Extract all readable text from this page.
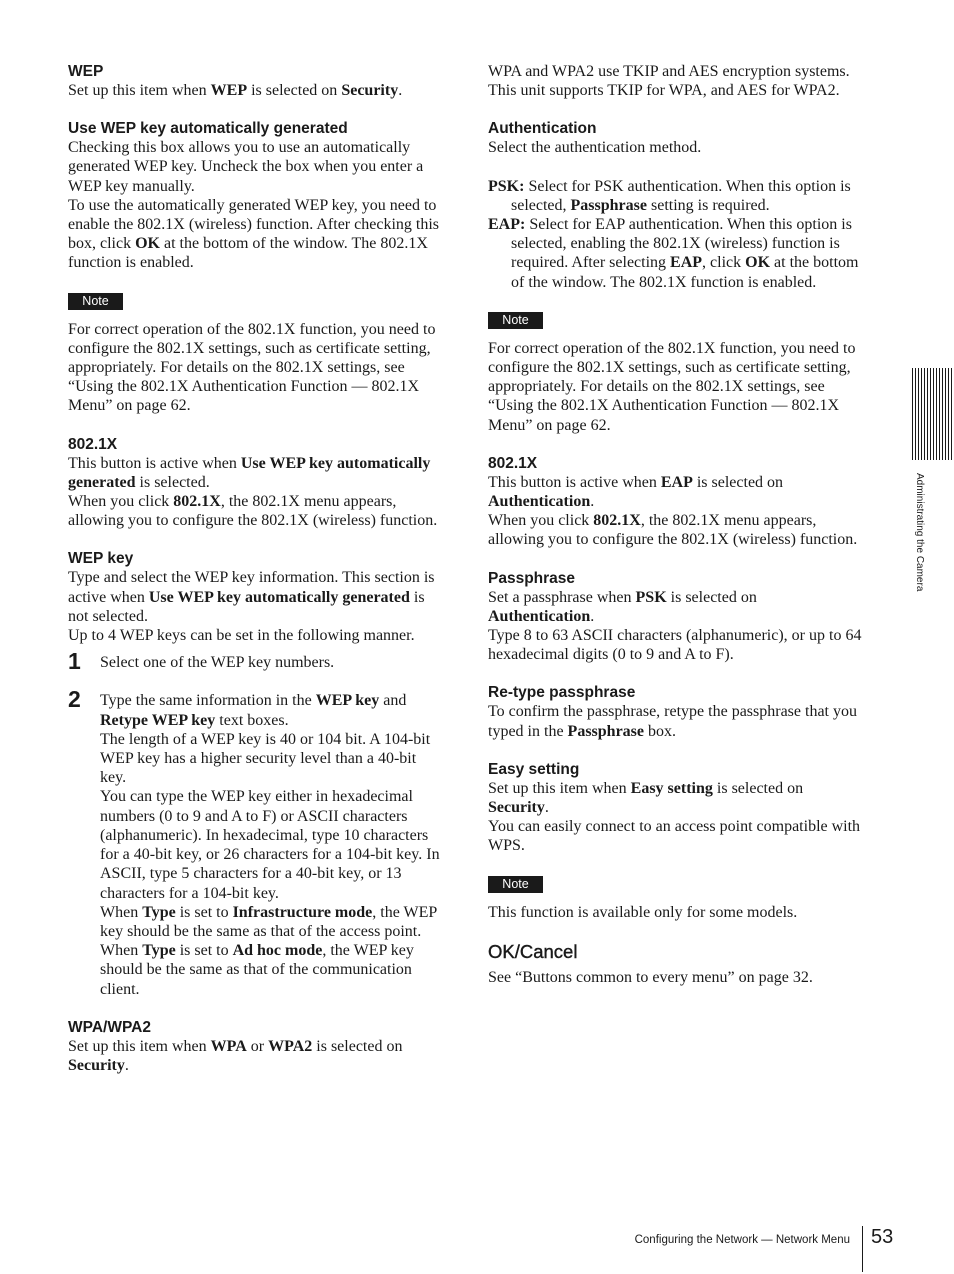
WEP

Set up this item when WEP is selected on Security.

Use WEP key automatically generated

Checking this box allows you to use an automatically generated WEP key. Uncheck the box when you enter a WEP key manually.

To use the automatically generated WEP key, you need to enable the 802.1X (wireless) function. After checking this box, click OK at the bottom of the window. The 802.1X function is enabled.

Note

For correct operation of the 802.1X function, you need to configure the 802.1X settings, such as certificate setting, appropriately. For details on the 802.1X settings, see “Using the 802.1X Authentication Function — 802.1X Menu” on page 62.

802.1X

This button is active when Use WEP key automatically generated is selected.

When you click 802.1X, the 802.1X menu appears, allowing you to configure the 802.1X (wireless) function.

WEP key

Type and select the WEP key information. This section is active when Use WEP key automatically generated is not selected.

Up to 4 WEP keys can be set in the following manner.

1 Select one of the WEP key numbers.

2 Type the same information in the WEP key and Retype WEP key text boxes.

The length of a WEP key is 40 or 104 bit. A 104-bit WEP key has a higher security level than a 40-bit key.

You can type the WEP key either in hexadecimal numbers (0 to 9 and A to F) or ASCII characters (alphanumeric). In hexadecimal, type 10 characters for a 40-bit key, or 26 characters for a 104-bit key. In ASCII, type 5 characters for a 40-bit key, or 13 characters for a 104-bit key.

When Type is set to Infrastructure mode, the WEP key should be the same as that of the access point. When Type is set to Ad hoc mode, the WEP key should be the same as that of the communication client.

WPA/WPA2

Set up this item when WPA or WPA2 is selected on Security.

WPA and WPA2 use TKIP and AES encryption systems. This unit supports TKIP for WPA, and AES for WPA2.

Authentication

Select the authentication method.

PSK: Select for PSK authentication. When this option is selected, Passphrase setting is required.

EAP: Select for EAP authentication. When this option is selected, enabling the 802.1X (wireless) function is required. After selecting EAP, click OK at the bottom of the window. The 802.1X function is enabled.

Note

For correct operation of the 802.1X function, you need to configure the 802.1X settings, such as certificate setting, appropriately. For details on the 802.1X settings, see “Using the 802.1X Authentication Function — 802.1X Menu” on page 62.

802.1X

This button is active when EAP is selected on Authentication.

When you click 802.1X, the 802.1X menu appears, allowing you to configure the 802.1X (wireless) function.

Passphrase

Set a passphrase when PSK is selected on Authentication.

Type 8 to 63 ASCII characters (alphanumeric), or up to 64 hexadecimal digits (0 to 9 and A to F).

Re-type passphrase

To confirm the passphrase, retype the passphrase that you typed in the Passphrase box.

Easy setting

Set up this item when Easy setting is selected on Security.

You can easily connect to an access point compatible with WPS.

Note

This function is available only for some models.

OK/Cancel

See “Buttons common to every menu” on page 32.

Administrating the Camera
Configuring the Network — Network Menu 53
